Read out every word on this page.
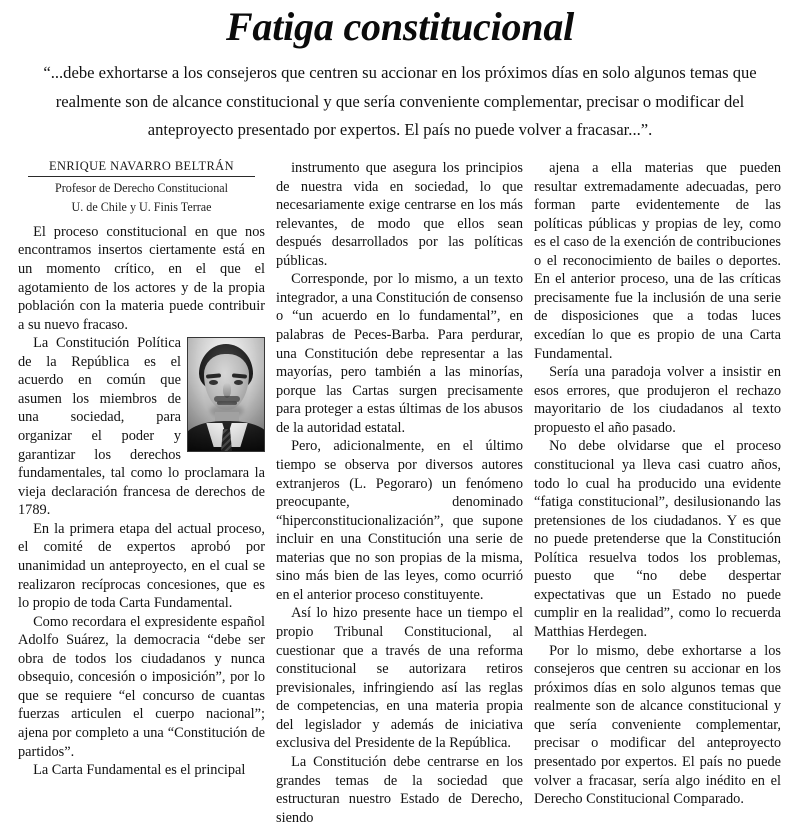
Fatiga constitucional
“...debe exhortarse a los consejeros que centren su accionar en los próximos días en solo algunos temas que realmente son de alcance constitucional y que sería conveniente complementar, precisar o modificar del anteproyecto presentado por expertos. El país no puede volver a fracasar...”.
ENRIQUE NAVARRO BELTRÁN
Profesor de Derecho Constitucional
U. de Chile y U. Finis Terrae

El proceso constitucional en que nos encontramos insertos ciertamente está en un momento crítico, en el que el agotamiento de los actores y de la propia población con la materia puede contribuir a su nuevo fracaso.

La Constitución Política de la República es el acuerdo en común que asumen los miembros de una sociedad, para organizar el poder y garantizar los derechos fundamentales, tal como lo proclamara la vieja declaración francesa de derechos de 1789.

En la primera etapa del actual proceso, el comité de expertos aprobó por unanimidad un anteproyecto, en el cual se realizaron recíprocas concesiones, que es lo propio de toda Carta Fundamental.

Como recordara el expresidente español Adolfo Suárez, la democracia “debe ser obra de todos los ciudadanos y nunca obsequio, concesión o imposición”, por lo que se requiere “el concurso de cuantas fuerzas articulen el cuerpo nacional”; ajena por completo a una “Constitución de partidos”.

La Carta Fundamental es el principal

instrumento que asegura los principios de nuestra vida en sociedad, lo que necesariamente exige centrarse en los más relevantes, de modo que ellos sean después desarrollados por las políticas públicas.

Corresponde, por lo mismo, a un texto integrador, a una Constitución de consenso o “un acuerdo en lo fundamental”, en palabras de Peces-Barba. Para perdurar, una Constitución debe representar a las mayorías, pero también a las minorías, porque las Cartas surgen precisamente para proteger a estas últimas de los abusos de la autoridad estatal.

Pero, adicionalmente, en el último tiempo se observa por diversos autores extranjeros (L. Pegoraro) un fenómeno preocupante, denominado “hiperconstitucionalización”, que supone incluir en una Constitución una serie de materias que no son propias de la misma, sino más bien de las leyes, como ocurrió en el anterior proceso constituyente.

Así lo hizo presente hace un tiempo el propio Tribunal Constitucional, al cuestionar que a través de una reforma constitucional se autorizara retiros previsionales, infringiendo así las reglas de competencias, en una materia propia del legislador y además de iniciativa exclusiva del Presidente de la República.

La Constitución debe centrarse en los grandes temas de la sociedad que estructuran nuestro Estado de Derecho, siendo

ajena a ella materias que pueden resultar extremadamente adecuadas, pero forman parte evidentemente de las políticas públicas y propias de ley, como es el caso de la exención de contribuciones o el reconocimiento de bailes o deportes. En el anterior proceso, una de las críticas precisamente fue la inclusión de una serie de disposiciones que a todas luces excedían lo que es propio de una Carta Fundamental.

Sería una paradoja volver a insistir en esos errores, que produjeron el rechazo mayoritario de los ciudadanos al texto propuesto el año pasado.

No debe olvidarse que el proceso constitucional ya lleva casi cuatro años, todo lo cual ha producido una evidente “fatiga constitucional”, desilusionando las pretensiones de los ciudadanos. Y es que no puede pretenderse que la Constitución Política resuelva todos los problemas, puesto que “no debe despertar expectativas que un Estado no puede cumplir en la realidad”, como lo recuerda Matthias Herdegen.

Por lo mismo, debe exhortarse a los consejeros que centren su accionar en los próximos días en solo algunos temas que realmente son de alcance constitucional y que sería conveniente complementar, precisar o modificar del anteproyecto presentado por expertos. El país no puede volver a fracasar, sería algo inédito en el Derecho Constitucional Comparado.
